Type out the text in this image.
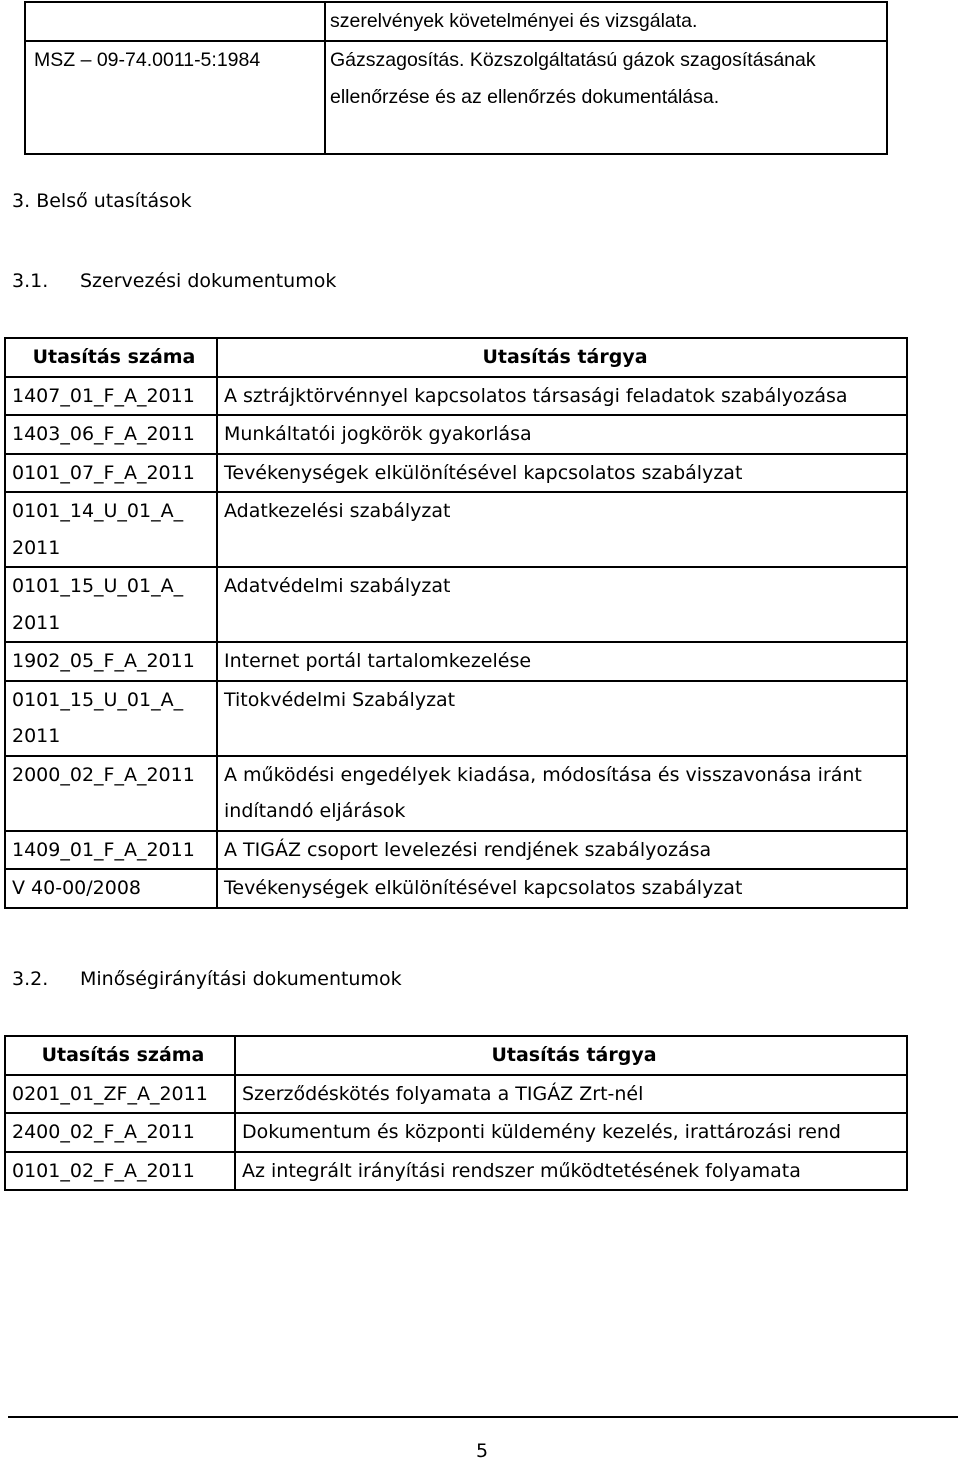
	szerelvények követelményei és vizsgálata.

MSZ – 09-74.0011-5:1984	Gázszagosítás. Közszolgáltatású gázok szagosításának
ellenőrzése és az ellenőrzés dokumentálása.

3. Belső utasítások
3.1. Szervezési dokumentumok
Utasítás száma	Utasítás tárgya

1407_01_F_A_2011	A sztrájktörvénnyel kapcsolatos társasági feladatok szabályozása

1403_06_F_A_2011	Munkáltatói jogkörök gyakorlása

0101_07_F_A_2011	Tevékenységek elkülönítésével kapcsolatos szabályzat

0101_14_U_01_A_
2011	Adatkezelési szabályzat

0101_15_U_01_A_
2011	Adatvédelmi szabályzat

1902_05_F_A_2011	Internet portál tartalomkezelése

0101_15_U_01_A_
2011	Titokvédelmi Szabályzat

2000_02_F_A_2011	A működési engedélyek kiadása, módosítása és visszavonása iránt
indítandó eljárások

1409_01_F_A_2011	A TIGÁZ csoport levelezési rendjének szabályozása

V 40-00/2008	Tevékenységek elkülönítésével kapcsolatos szabályzat
3.2. Minőségirányítási dokumentumok
Utasítás száma	Utasítás tárgya

0201_01_ZF_A_2011	Szerződéskötés folyamata a TIGÁZ Zrt-nél

2400_02_F_A_2011	Dokumentum és központi küldemény kezelés, irattározási rend

0101_02_F_A_2011	Az integrált irányítási rendszer működtetésének folyamata
5
